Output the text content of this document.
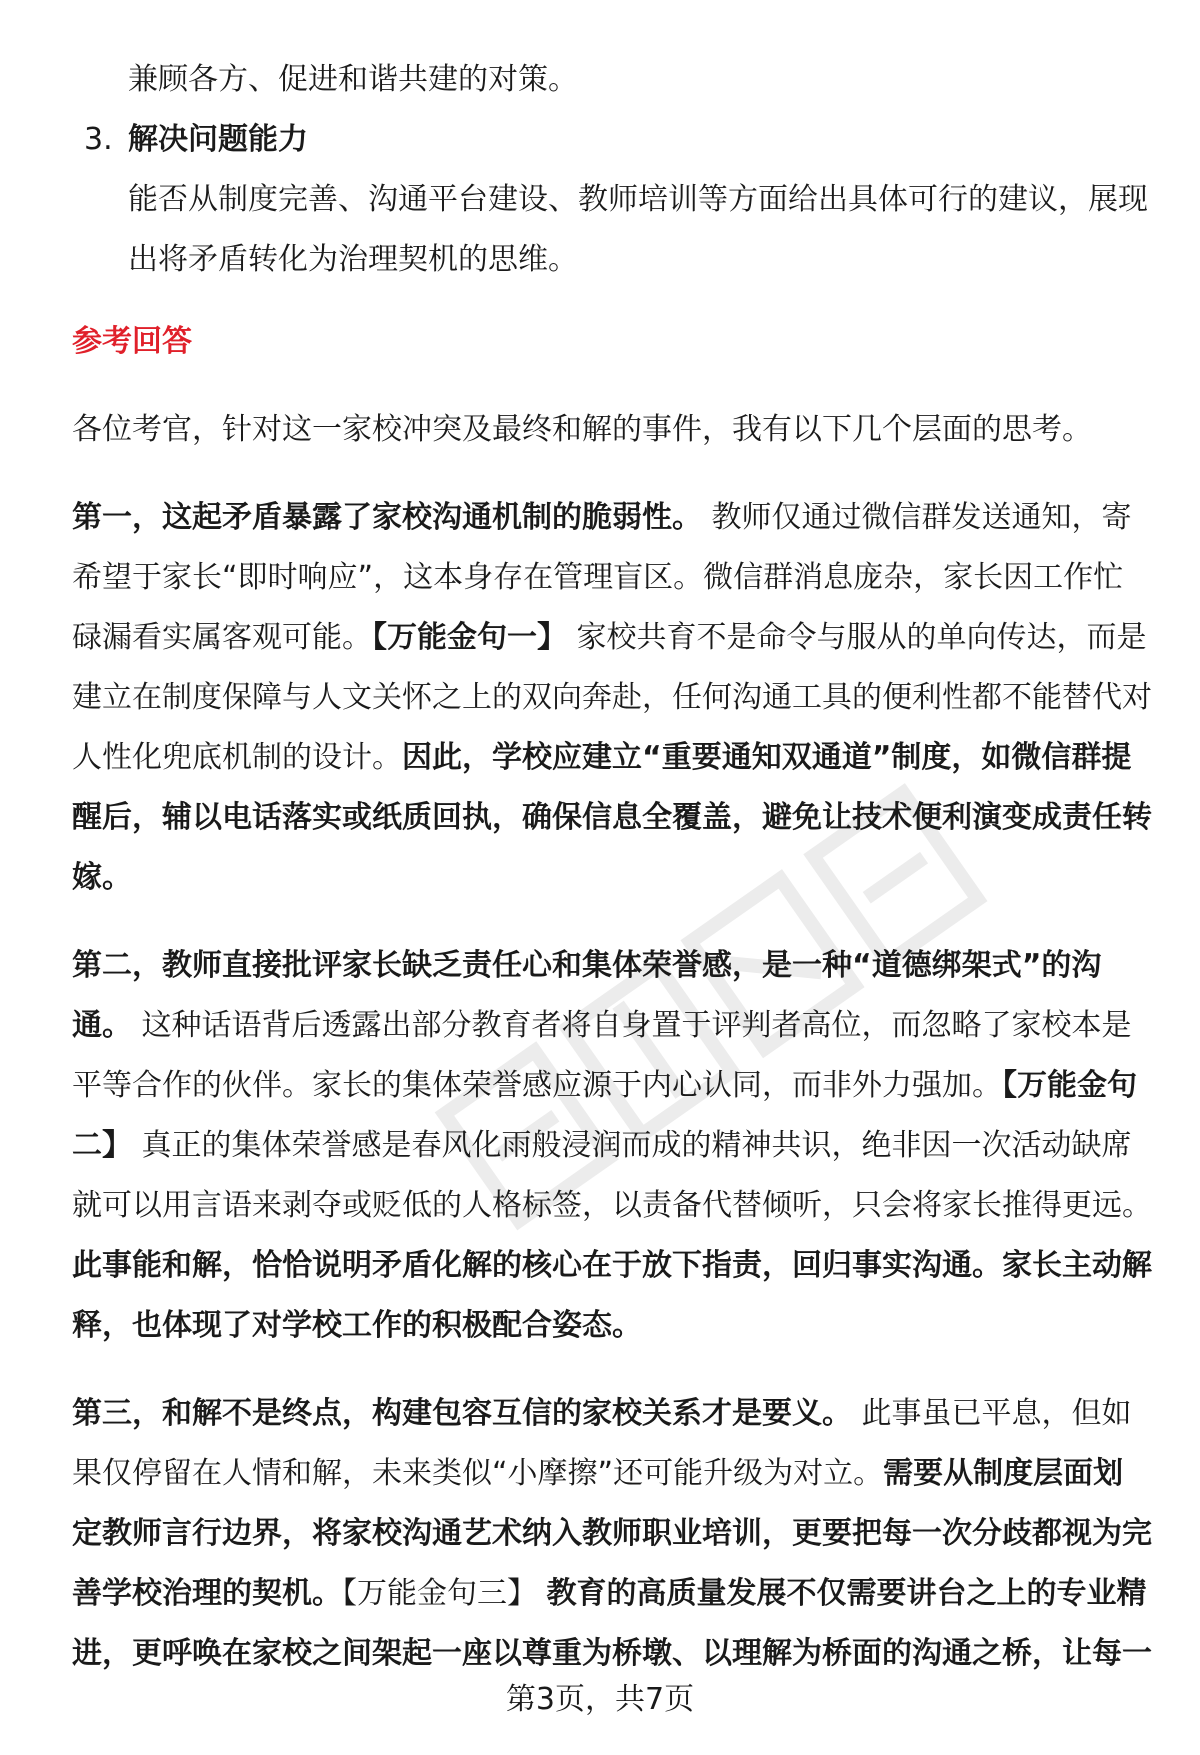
兼顾各方、促进和谐共建的对策。

3. 解决问题能力

能否从制度完善、沟通平台建设、教师培训等方面给出具体可行的建议，展现出将矛盾转化为治理契机的思维。

参考回答

各位考官，针对这一家校冲突及最终和解的事件，我有以下几个层面的思考。

第一，这起矛盾暴露了家校沟通机制的脆弱性。 教师仅通过微信群发送通知，寄希望于家长“即时响应”，这本身存在管理盲区。微信群消息庞杂，家长因工作忙碌漏看实属客观可能。【万能金句一】 家校共育不是命令与服从的单向传达，而是建立在制度保障与人文关怀之上的双向奔赴，任何沟通工具的便利性都不能替代对人性化兜底机制的设计。因此，学校应建立“重要通知双通道”制度，如微信群提醒后，辅以电话落实或纸质回执，确保信息全覆盖，避免让技术便利演变成责任转嫁。

第二，教师直接批评家长缺乏责任心和集体荣誉感，是一种“道德绑架式”的沟通。 这种话语背后透露出部分教育者将自身置于评判者高位，而忽略了家校本是平等合作的伙伴。家长的集体荣誉感应源于内心认同，而非外力强加。【万能金句二】 真正的集体荣誉感是春风化雨般浸润而成的精神共识，绝非因一次活动缺席就可以用言语来剥夺或贬低的人格标签，以责备代替倾听，只会将家长推得更远。此事能和解，恰恰说明矛盾化解的核心在于放下指责，回归事实沟通。家长主动解释，也体现了对学校工作的积极配合姿态。

第三，和解不是终点，构建包容互信的家校关系才是要义。 此事虽已平息，但如果仅停留在人情和解，未来类似“小摩擦”还可能升级为对立。需要从制度层面划定教师言行边界，将家校沟通艺术纳入教师职业培训，更要把每一次分歧都视为完善学校治理的契机。【万能金句三】 教育的高质量发展不仅需要讲台之上的专业精进，更呼唤在家校之间架起一座以尊重为桥墩、以理解为桥面的沟通之桥，让每一

第3页，共7页
